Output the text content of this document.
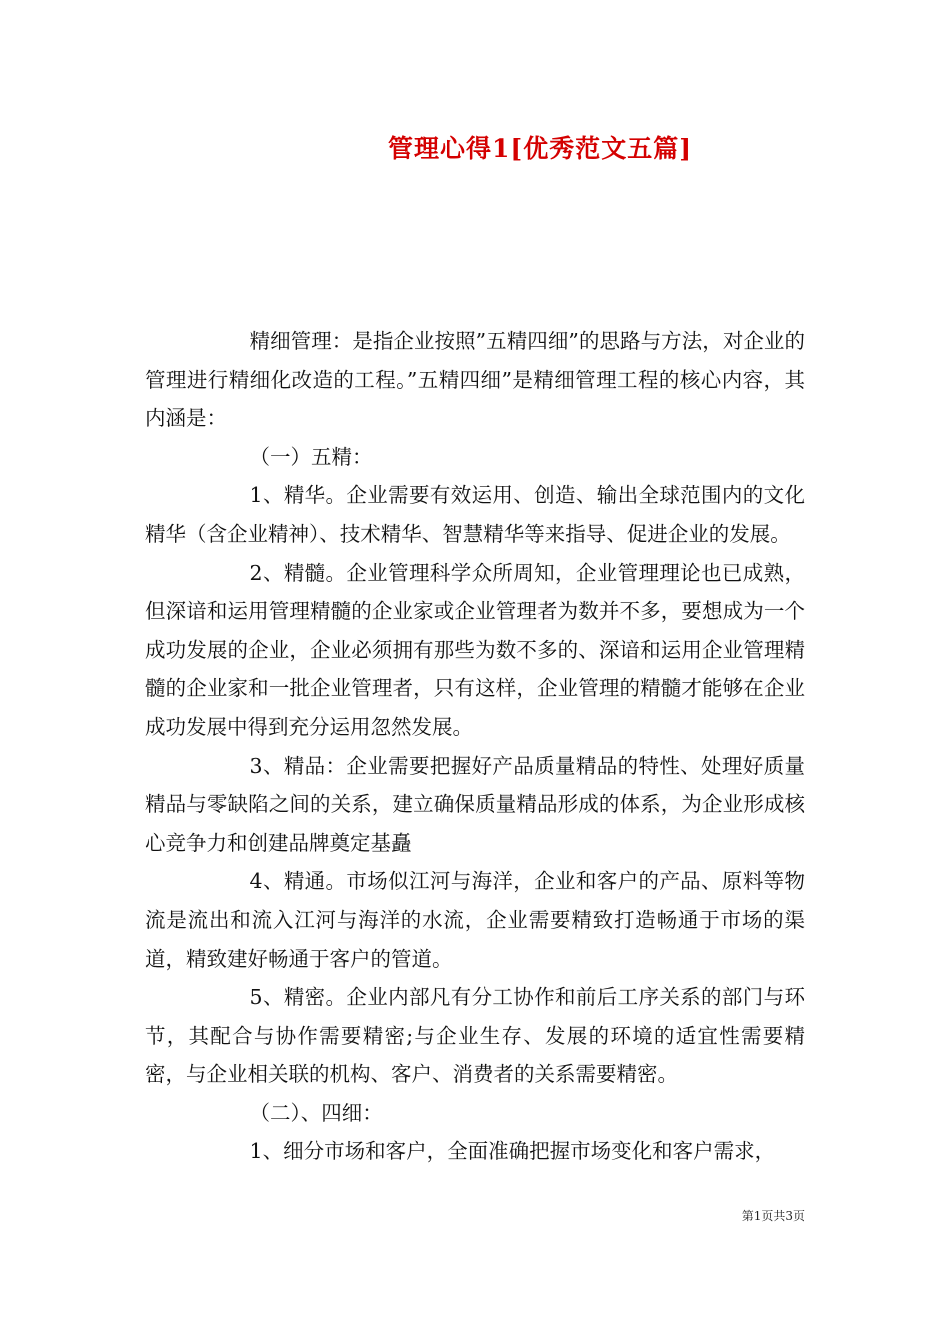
管理心得1[优秀范文五篇]

精细管理：是指企业按照”五精四细”的思路与方法，对企业的管理进行精细化改造的工程。”五精四细”是精细管理工程的核心内容，其内涵是：

（一）五精：

1、精华。企业需要有效运用、创造、输出全球范围内的文化精华（含企业精神）、技术精华、智慧精华等来指导、促进企业的发展。

2、精髓。企业管理科学众所周知，企业管理理论也已成熟，但深谙和运用管理精髓的企业家或企业管理者为数并不多，要想成为一个成功发展的企业，企业必须拥有那些为数不多的、深谙和运用企业管理精髓的企业家和一批企业管理者，只有这样，企业管理的精髓才能够在企业成功发展中得到充分运用忽然发展。

3、精品：企业需要把握好产品质量精品的特性、处理好质量精品与零缺陷之间的关系，建立确保质量精品形成的体系，为企业形成核心竞争力和创建品牌奠定基矗

4、精通。市场似江河与海洋，企业和客户的产品、原料等物流是流出和流入江河与海洋的水流，企业需要精致打造畅通于市场的渠道，精致建好畅通于客户的管道。

5、精密。企业内部凡有分工协作和前后工序关系的部门与环节，其配合与协作需要精密;与企业生存、发展的环境的适宜性需要精密，与企业相关联的机构、客户、消费者的关系需要精密。

（二）、四细：

1、细分市场和客户，全面准确把握市场变化和客户需求，

第1页共3页
